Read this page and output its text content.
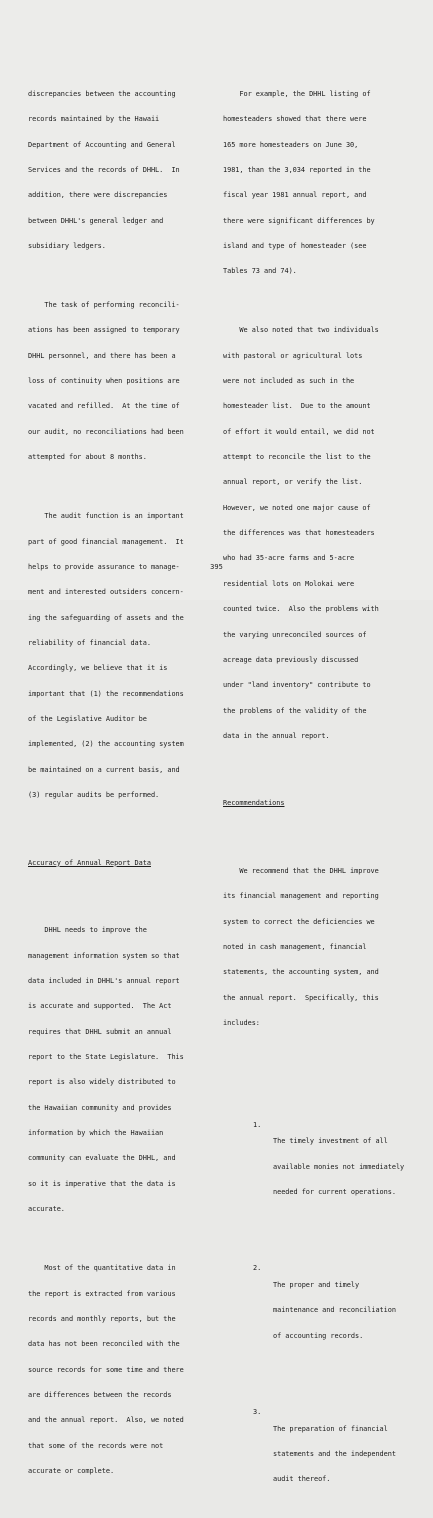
discrepancies between the accounting

records maintained by the Hawaii

Department of Accounting and General

Services and the records of DHHL.  In

addition, there were discrepancies

between DHHL's general ledger and

subsidiary ledgers.

The task of performing reconcili-

ations has been assigned to temporary

DHHL personnel, and there has been a

loss of continuity when positions are

vacated and refilled.  At the time of

our audit, no reconciliations had been

attempted for about 8 months.

The audit function is an important

part of good financial management.  It

helps to provide assurance to manage-

ment and interested outsiders concern-

ing the safeguarding of assets and the

reliability of financial data.

Accordingly, we believe that it is

important that (1) the recommendations

of the Legislative Auditor be

implemented, (2) the accounting system

be maintained on a current basis, and

(3) regular audits be performed.

Accuracy of Annual Report Data

DHHL needs to improve the

management information system so that

data included in DHHL's annual report

is accurate and supported.  The Act

requires that DHHL submit an annual

report to the State Legislature.  This

report is also widely distributed to

the Hawaiian community and provides

information by which the Hawaiian

community can evaluate the DHHL, and

so it is imperative that the data is

accurate.

Most of the quantitative data in

the report is extracted from various

records and monthly reports, but the

data has not been reconciled with the

source records for some time and there

are differences between the records

and the annual report.  Also, we noted

that some of the records were not

accurate or complete.

For example, the DHHL listing of

homesteaders showed that there were

165 more homesteaders on June 30,

1981, than the 3,034 reported in the

fiscal year 1981 annual report, and

there were significant differences by

island and type of homesteader (see

Tables 73 and 74).

We also noted that two individuals

with pastoral or agricultural lots

were not included as such in the

homesteader list.  Due to the amount

of effort it would entail, we did not

attempt to reconcile the list to the

annual report, or verify the list.

However, we noted one major cause of

the differences was that homesteaders

who had 35-acre farms and 5-acre

residential lots on Molokai were

counted twice.  Also the problems with

the varying unreconciled sources of

acreage data previously discussed

under "land inventory" contribute to

the problems of the validity of the

data in the annual report.

Recommendations

We recommend that the DHHL improve

its financial management and reporting

system to correct the deficiencies we

noted in cash management, financial

statements, the accounting system, and

the annual report.  Specifically, this

includes:

1.

The timely investment of all

available monies not immediately

needed for current operations.

2.

The proper and timely

maintenance and reconciliation

of accounting records.

3.

The preparation of financial

statements and the independent

audit thereof.

395
